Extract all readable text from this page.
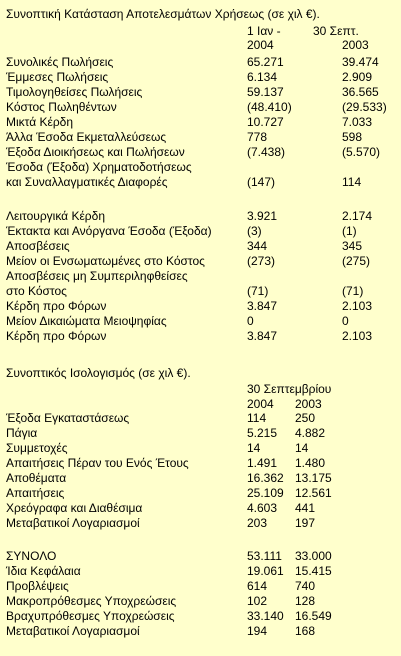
Συνοπτική Κατάσταση Αποτελεσμάτων Χρήσεως (σε χιλ €).
1 Ιαν -	30 Σεπτ.
2004	2003
Συνολικές Πωλήσεις	65.271	39.474
Έμμεσες Πωλήσεις	6.134	2.909
Τιμολογηθείσες Πωλήσεις	59.137	36.565
Κόστος Πωληθέντων	(48.410)	(29.533)
Μικτά Κέρδη	10.727	7.033
Άλλα Έσοδα Εκμεταλλεύσεως	778	598
Έξοδα Διοικήσεως και Πωλήσεων	(7.438)	(5.570)
Έσοδα (Έξοδα) Χρηματοδοτήσεως
και Συναλλαγματικές Διαφορές	(147)	114
Λειτουργικά Κέρδη	3.921	2.174
Έκτακτα και Ανόργανα Έσοδα (Έξοδα)	(3)	(1)
Αποσβέσεις	344	345
Μείον οι Ενσωματωμένες στο Κόστος	(273)	(275)
Αποσβέσεις μη Συμπεριληφθείσες
στο Κόστος	(71)	(71)
Κέρδη προ Φόρων	3.847	2.103
Μείον Δικαιώματα Μειοψηφίας	0	0
Κέρδη προ Φόρων	3.847	2.103
Συνοπτικός Ισολογισμός (σε χιλ €).
30 Σεπτεμβρίου
2004 2003
Έξοδα Εγκαταστάσεως	114 250
Πάγια	5.215 4.882
Συμμετοχές	14	14
Απαιτήσεις Πέραν του Ενός Έτους	1.491 1.480
Αποθέματα	16.362 13.175
Απαιτήσεις	25.109 12.561
Χρεόγραφα και Διαθέσιμα	4.603 441
Μεταβατικοί Λογαριασμοί	203 197
ΣΥΝΟΛΟ	53.111 33.000
Ίδια Κεφάλαια	19.061 15.415
Προβλέψεις	614 740
Μακροπρόθεσμες Υποχρεώσεις	102 128
Βραχυπρόθεσμες Υποχρεώσεις	33.140 16.549
Μεταβατικοί Λογαριασμοί	194 168
